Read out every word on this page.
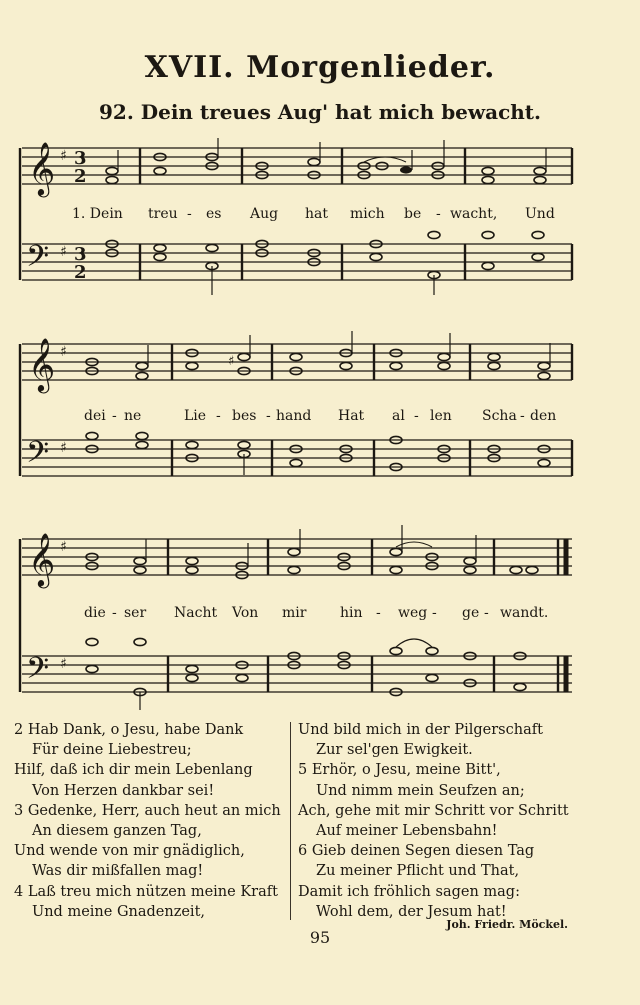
XVII. Morgenlieder.
92. Dein treues Aug' hat mich bewacht.
𝄞
𝄢
♯
♯
3
2
3
2
1. Dein treu - es Aug hat mich be - wacht, Und
𝄞
𝄢
♯
♯
♯
dei - ne	Lie - bes - hand Hat al - len Scha - den
𝄞
𝄢
♯
♯
die - ser Nacht Von mir hin - weg - ge - wandt.
2 Hab Dank, o Jesu, habe Dank
Für deine Liebestreu;
Hilf, daß ich dir mein Lebenlang
Von Herzen dankbar sei!
3 Gedenke, Herr, auch heut an mich
An diesem ganzen Tag,
Und wende von mir gnädiglich,
Was dir mißfallen mag!
4 Laß treu mich nützen meine Kraft
Und meine Gnadenzeit,
Und bild mich in der Pilgerschaft
Zur sel'gen Ewigkeit.
5 Erhör, o Jesu, meine Bitt',
Und nimm mein Seufzen an;
Ach, gehe mit mir Schritt vor Schritt
Auf meiner Lebensbahn!
6 Gieb deinen Segen diesen Tag
Zu meiner Pflicht und That,
Damit ich fröhlich sagen mag:
Wohl dem, der Jesum hat!
Joh. Friedr. Möckel.
95
